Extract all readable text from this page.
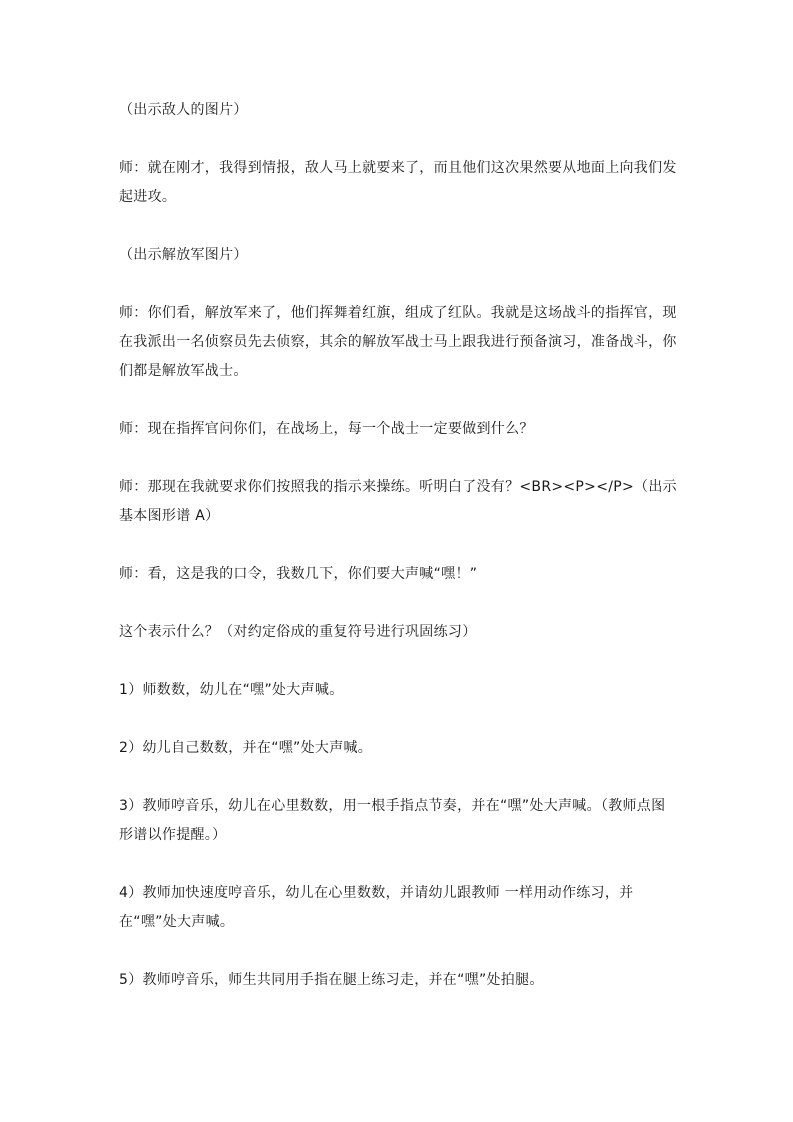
（出示敌人的图片）

师：就在刚才，我得到情报，敌人马上就要来了，而且他们这次果然要从地面上向我们发起进攻。

（出示解放军图片）

师：你们看，解放军来了，他们挥舞着红旗，组成了红队。我就是这场战斗的指挥官，现在我派出一名侦察员先去侦察，其余的解放军战士马上跟我进行预备演习，准备战斗，你们都是解放军战士。

师：现在指挥官问你们，在战场上，每一个战士一定要做到什么？

师：那现在我就要求你们按照我的指示来操练。听明白了没有？<BR><P></P>（出示基本图形谱 A）

师：看，这是我的口令，我数几下，你们要大声喊“嘿！”

这个表示什么？（对约定俗成的重复符号进行巩固练习）

1）师数数，幼儿在“嘿”处大声喊。

2）幼儿自己数数，并在“嘿”处大声喊。

3）教师哼音乐，幼儿在心里数数，用一根手指点节奏，并在“嘿”处大声喊。（教师点图形谱以作提醒。）

4）教师加快速度哼音乐，幼儿在心里数数，并请幼儿跟教师 一样用动作练习，并在“嘿”处大声喊。

5）教师哼音乐，师生共同用手指在腿上练习走，并在“嘿”处拍腿。
